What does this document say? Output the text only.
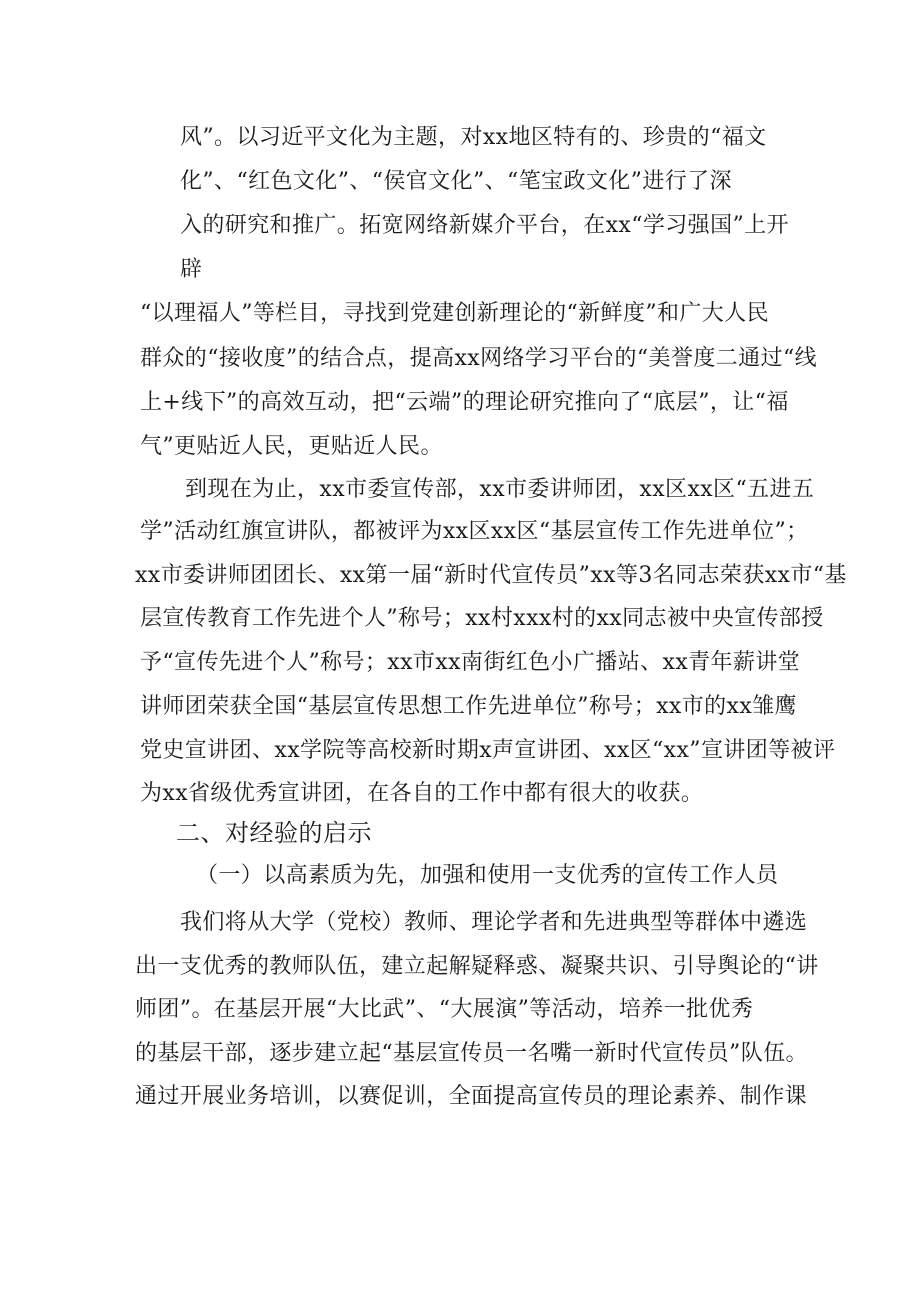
风”。以习近平文化为主题，对xx地区特有的、珍贵的“福文
化”、“红色文化”、“侯官文化”、“笔宝政文化”进行了深
入的研究和推广。拓宽网络新媒介平台，在xx“学习强国”上开
辟
“以理福人”等栏目，寻找到党建创新理论的“新鲜度”和广大人民
群众的“接收度”的结合点，提高xx网络学习平台的“美誉度二通过“线
上+线下”的高效互动，把“云端”的理论研究推向了“底层”，让“福
气”更贴近人民，更贴近人民。
到现在为止，xx市委宣传部，xx市委讲师团，xx区xx区“五进五
学”活动红旗宣讲队，都被评为xx区xx区“基层宣传工作先进单位”；
xx市委讲师团团长、xx第一届“新时代宣传员”xx等3名同志荣获xx市“基
层宣传教育工作先进个人”称号；xx村xxx村的xx同志被中央宣传部授
予“宣传先进个人”称号；xx市xx南街红色小广播站、xx青年薪讲堂
讲师团荣获全国“基层宣传思想工作先进单位”称号；xx市的xx雏鹰
党史宣讲团、xx学院等高校新时期x声宣讲团、xx区“xx”宣讲团等被评
为xx省级优秀宣讲团，在各自的工作中都有很大的收获。
二、对经验的启示
（一）以高素质为先，加强和使用一支优秀的宣传工作人员
我们将从大学（党校）教师、理论学者和先进典型等群体中遴选
出一支优秀的教师队伍，建立起解疑释惑、凝聚共识、引导舆论的“讲
师团”。在基层开展“大比武”、“大展演”等活动，培养一批优秀
的基层干部，逐步建立起“基层宣传员一名嘴一新时代宣传员”队伍。
通过开展业务培训，以赛促训，全面提高宣传员的理论素养、制作课
